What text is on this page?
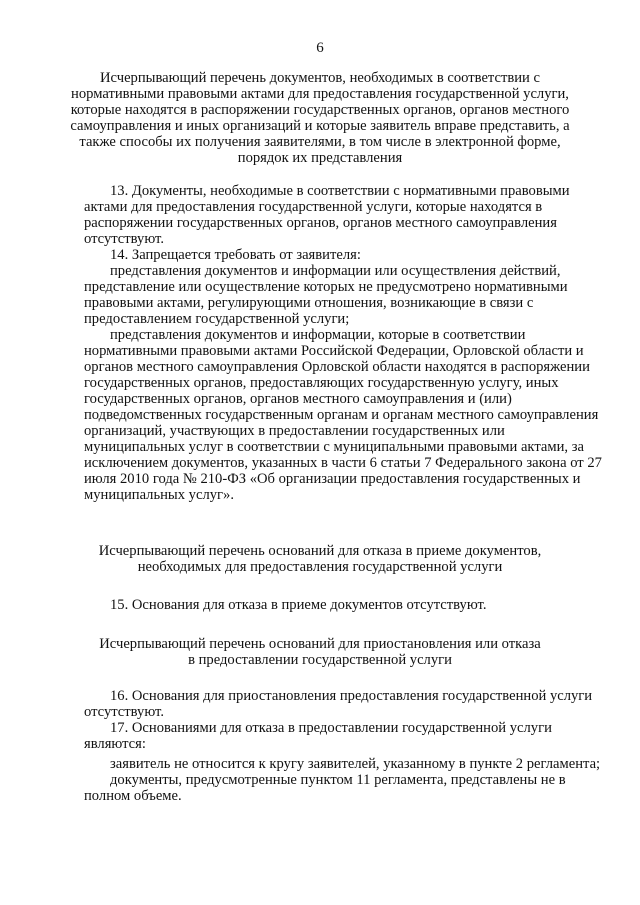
6
Исчерпывающий перечень документов, необходимых в соответствии с
нормативными правовыми актами для предоставления государственной услуги,
которые находятся в распоряжении государственных органов, органов местного
самоуправления и иных организаций и которые заявитель вправе представить, а
также способы их получения заявителями, в том числе в электронной форме,
порядок их представления
13. Документы, необходимые в соответствии с нормативными правовыми
актами для предоставления государственной услуги, которые находятся в
распоряжении государственных органов, органов местного самоуправления
отсутствуют.
14. Запрещается требовать от заявителя:
представления документов и информации или осуществления действий,
представление или осуществление которых не предусмотрено нормативными
правовыми актами, регулирующими отношения, возникающие в связи с
предоставлением государственной услуги;
представления документов и информации, которые в соответствии
нормативными правовыми актами Российской Федерации, Орловской области и
органов местного самоуправления Орловской области находятся в распоряжении
государственных органов, предоставляющих государственную услугу, иных
государственных органов, органов местного самоуправления и (или)
подведомственных государственным органам и органам местного самоуправления
организаций, участвующих в предоставлении государственных или
муниципальных услуг в соответствии с муниципальными правовыми актами, за
исключением документов, указанных в части 6 статьи 7 Федерального закона от 27
июля 2010 года № 210-ФЗ «Об организации предоставления государственных и
муниципальных услуг».
Исчерпывающий перечень оснований для отказа в приеме документов,
необходимых для предоставления государственной услуги
15. Основания для отказа в приеме документов отсутствуют.
Исчерпывающий перечень оснований для приостановления или отказа
в предоставлении государственной услуги
16. Основания для приостановления предоставления государственной услуги
отсутствуют.
17. Основаниями для отказа в предоставлении государственной услуги
являются:
заявитель не относится к кругу заявителей, указанному в пункте 2 регламента;
документы, предусмотренные пунктом 11 регламента, представлены не в
полном объеме.
